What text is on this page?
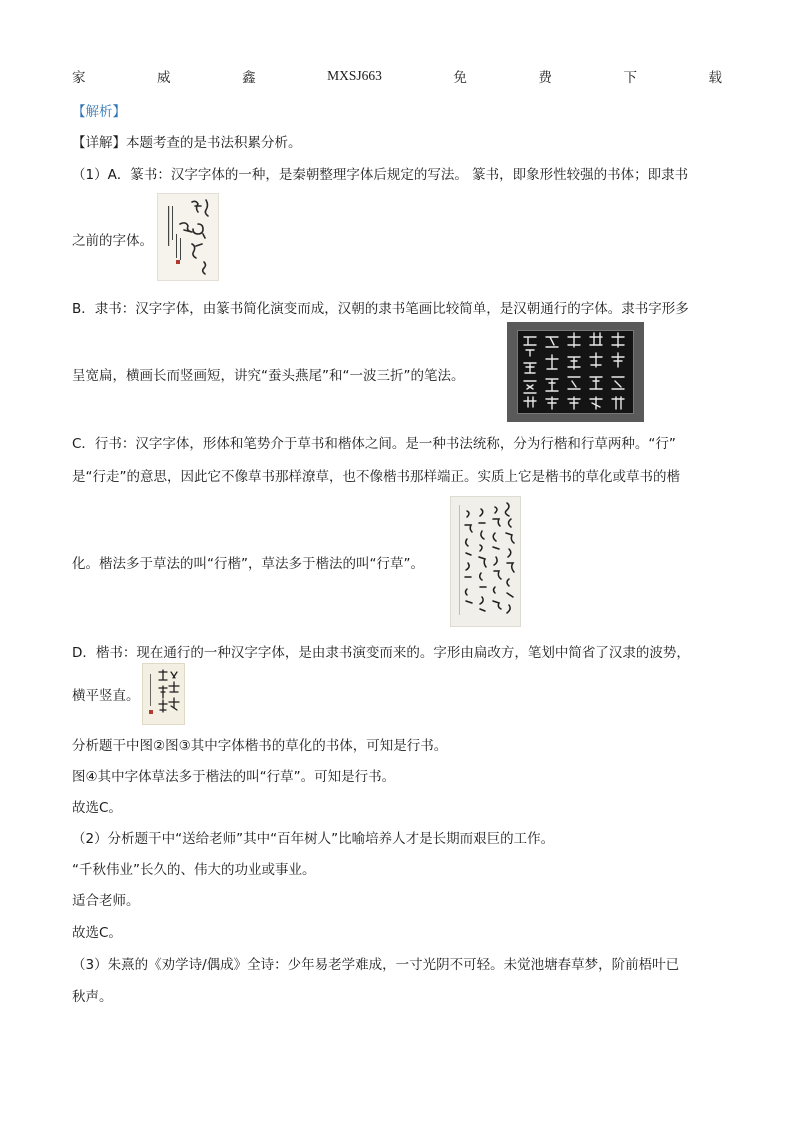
家	威	鑫	MXSJ663	免	费	下	载
【解析】
【详解】本题考查的是书法积累分析。
（1）A．篆书：汉字字体的一种，是秦朝整理字体后规定的写法。 篆书，即象形性较强的书体；即隶书
之前的字体。
B．隶书：汉字字体，由篆书简化演变而成，汉朝的隶书笔画比较简单，是汉朝通行的字体。隶书字形多
呈宽扁，横画长而竖画短，讲究“蚕头燕尾”和“一波三折”的笔法。
C．行书：汉字字体，形体和笔势介于草书和楷体之间。是一种书法统称，分为行楷和行草两种。“行”
是“行走”的意思，因此它不像草书那样潦草，也不像楷书那样端正。实质上它是楷书的草化或草书的楷
化。楷法多于草法的叫“行楷”，草法多于楷法的叫“行草”。
D．楷书：现在通行的一种汉字字体，是由隶书演变而来的。字形由扁改方，笔划中简省了汉隶的波势，
横平竖直。
分析题干中图②图③其中字体楷书的草化的书体，可知是行书。
图④其中字体草法多于楷法的叫“行草”。可知是行书。
故选C。
（2）分析题干中“送给老师”其中“百年树人”比喻培养人才是长期而艰巨的工作。
“千秋伟业”长久的、伟大的功业或事业。
适合老师。
故选C。
（3）朱熹的《劝学诗/偶成》全诗：少年易老学难成，一寸光阴不可轻。未觉池塘春草梦，阶前梧叶已
秋声。
